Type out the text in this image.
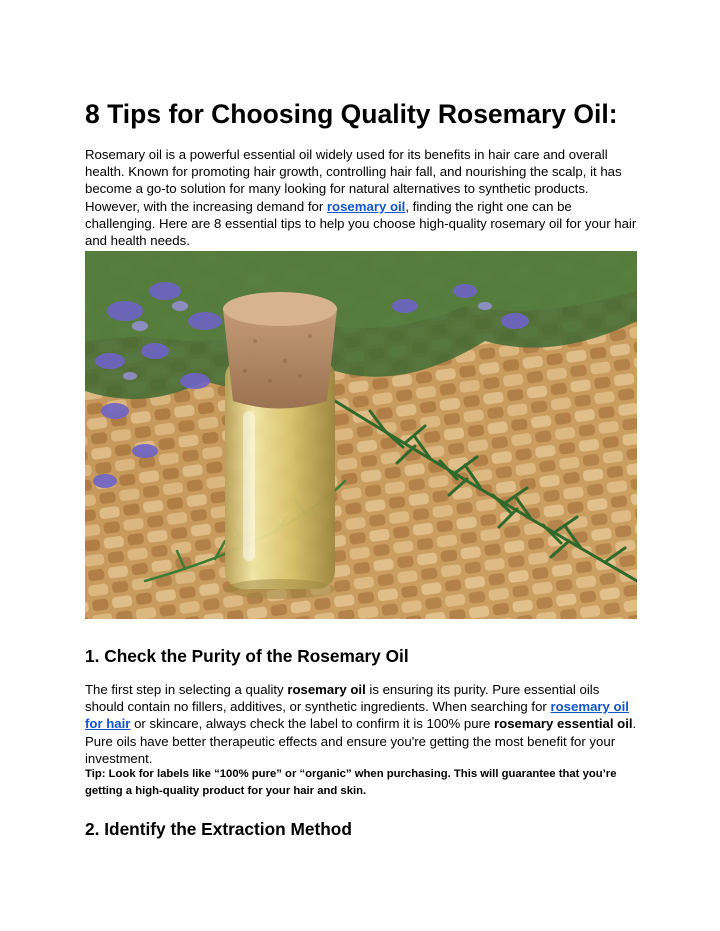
8 Tips for Choosing Quality Rosemary Oil:

Rosemary oil is a powerful essential oil widely used for its benefits in hair care and overall health. Known for promoting hair growth, controlling hair fall, and nourishing the scalp, it has become a go-to solution for many looking for natural alternatives to synthetic products. However, with the increasing demand for rosemary oil, finding the right one can be challenging. Here are 8 essential tips to help you choose high-quality rosemary oil for your hair and health needs.

1. Check the Purity of the Rosemary Oil

The first step in selecting a quality rosemary oil is ensuring its purity. Pure essential oils should contain no fillers, additives, or synthetic ingredients. When searching for rosemary oil for hair or skincare, always check the label to confirm it is 100% pure rosemary essential oil. Pure oils have better therapeutic effects and ensure you're getting the most benefit for your investment.

Tip: Look for labels like “100% pure” or “organic” when purchasing. This will guarantee that you’re getting a high-quality product for your hair and skin.

2. Identify the Extraction Method
